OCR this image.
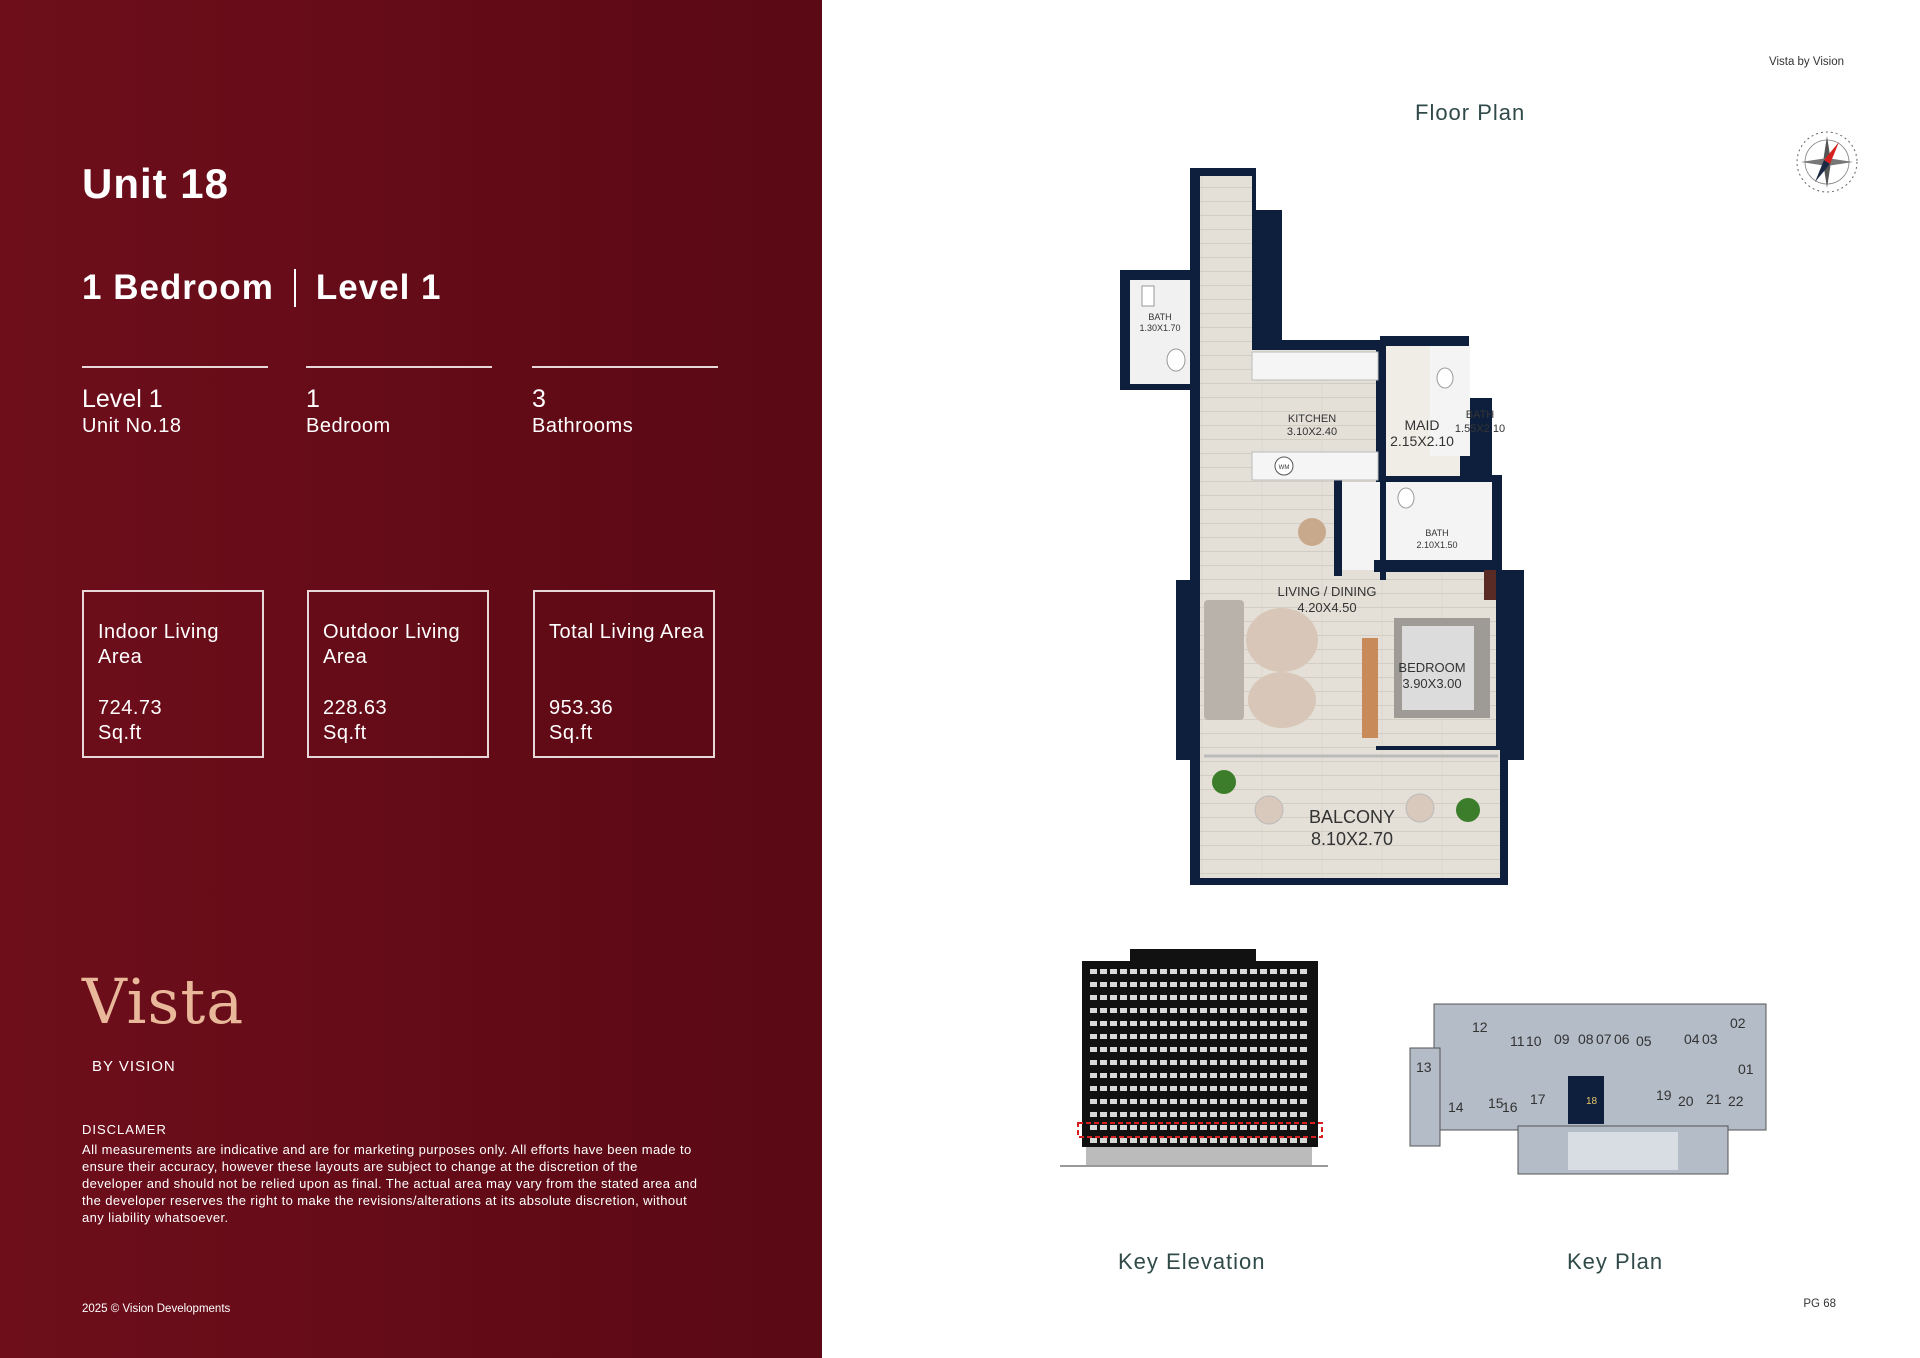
Unit 18
1 Bedroom Level 1
Level 1
Unit No.18
1
Bedroom
3
Bathrooms
Indoor Living Area
724.73 Sq.ft
Outdoor Living Area
228.63 Sq.ft
Total Living Area
953.36 Sq.ft
Vista
BY VISION
DISCLAMER
All measurements are indicative and are for marketing purposes only. All efforts have been made to ensure their accuracy, however these layouts are subject to change at the discretion of the developer and should not be relied upon as final. The actual area may vary from the stated area and the developer reserves the right to make the revisions/alterations at its absolute discretion, without any liability whatsoever.
2025 © Vision Developments
Vista by Vision
Floor Plan
WM
BATH
1.30X1.70
KITCHEN
3.10X2.40	MAID
2.15X2.10
BATH
1.55X2.10
BATH
2.10X1.50
LIVING / DINING
4.20X4.50
BEDROOM
3.90X3.00
BALCONY
8.10X2.70
Key Elevation
12
11 10 09 08 07 06 05 04 03
02
13	01
17	18	19 20 21 22
14 15
16
Key Plan
PG 68
